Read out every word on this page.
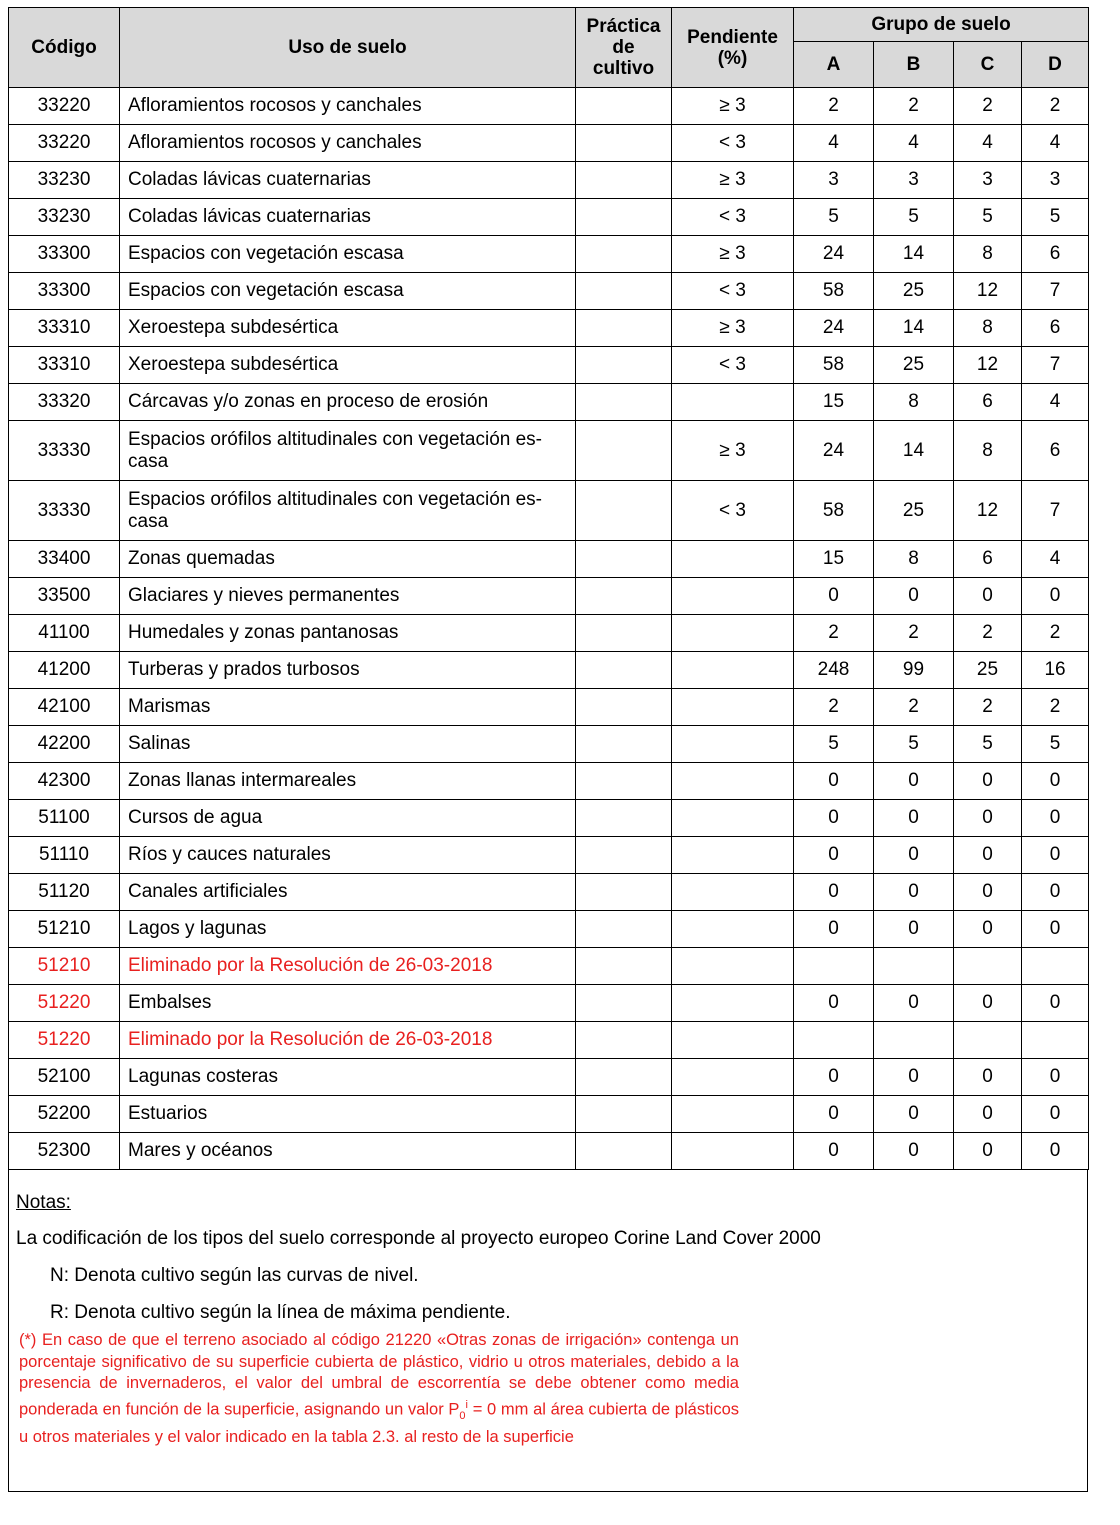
Código	Uso de suelo	Práctica de cultivo	Pendiente (%)	Grupo de suelo			
				A	B	C	D
33220	Afloramientos rocosos y canchales		≥ 3	2	2	2	2
33220	Afloramientos rocosos y canchales		< 3	4	4	4	4
33230	Coladas lávicas cuaternarias		≥ 3	3	3	3	3
33230	Coladas lávicas cuaternarias		< 3	5	5	5	5
33300	Espacios con vegetación escasa		≥ 3	24	14	8	6
33300	Espacios con vegetación escasa		< 3	58	25	12	7
33310	Xeroestepa subdesértica		≥ 3	24	14	8	6
33310	Xeroestepa subdesértica		< 3	58	25	12	7
33320	Cárcavas y/o zonas en proceso de erosión			15	8	6	4
33330	Espacios orófilos altitudinales con vegetación es-casa		≥ 3	24	14	8	6
33330	Espacios orófilos altitudinales con vegetación es-casa		< 3	58	25	12	7
33400	Zonas quemadas			15	8	6	4
33500	Glaciares y nieves permanentes			0	0	0	0
41100	Humedales y zonas pantanosas			2	2	2	2
41200	Turberas y prados turbosos			248	99	25	16
42100	Marismas			2	2	2	2
42200	Salinas			5	5	5	5
42300	Zonas llanas intermareales			0	0	0	0
51100	Cursos de agua			0	0	0	0
51110	Ríos y cauces naturales			0	0	0	0
51120	Canales artificiales			0	0	0	0
51210	Lagos y lagunas			0	0	0	0
51210	Eliminado por la Resolución de 26-03-2018						
51220	Embalses			0	0	0	0
51220	Eliminado por la Resolución de 26-03-2018						
52100	Lagunas costeras			0	0	0	0
52200	Estuarios			0	0	0	0
52300	Mares y océanos			0	0	0	0
Notas:
La codificación de los tipos del suelo corresponde al proyecto europeo Corine Land Cover 2000
N: Denota cultivo según las curvas de nivel.
R: Denota cultivo según la línea de máxima pendiente.
(*) En caso de que el terreno asociado al código 21220 «Otras zonas de irrigación» contenga un porcentaje significativo de su superficie cubierta de plástico, vidrio u otros materiales, debido a la presencia de invernaderos, el valor del umbral de escorrentía se debe obtener como media ponderada en función de la superficie, asignando un valor $P_0^i = 0$ mm al área cubierta de plásticos u otros materiales y el valor indicado en la tabla 2.3. al resto de la superficie
